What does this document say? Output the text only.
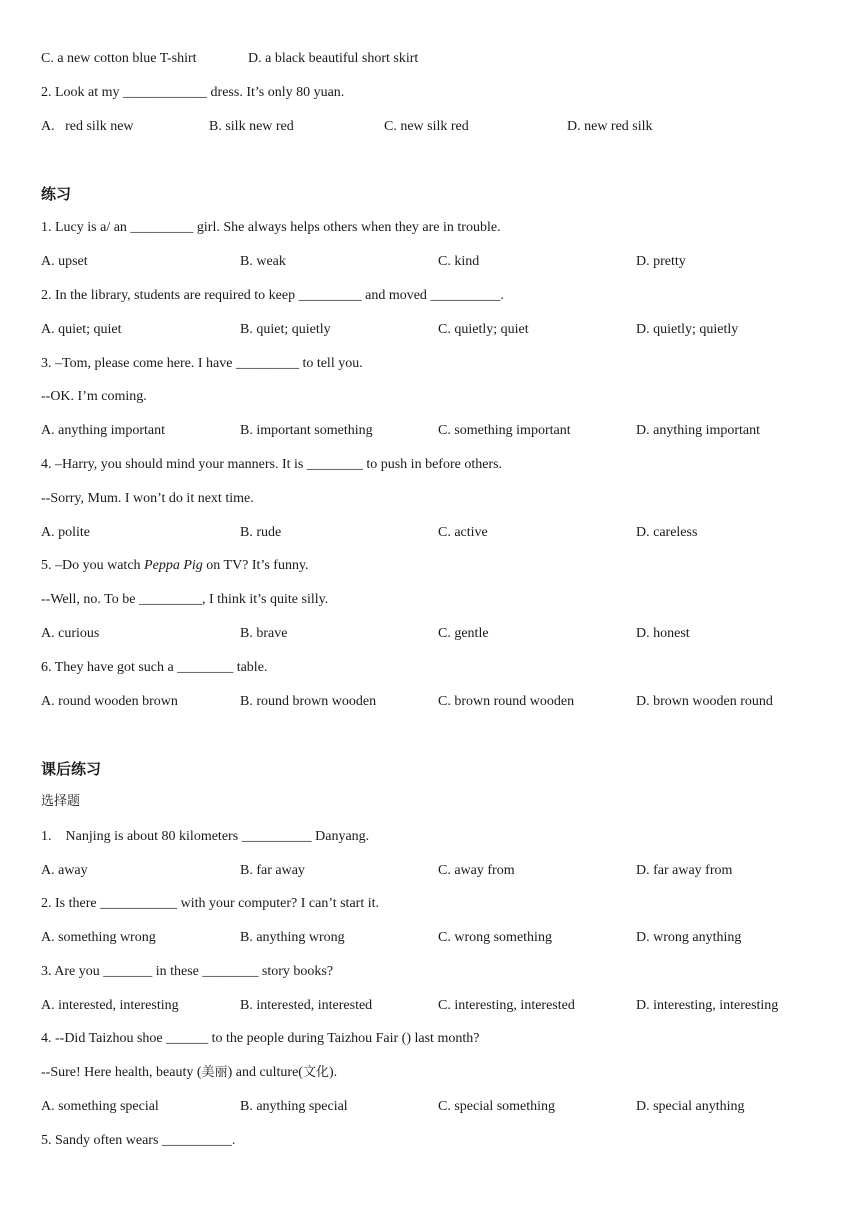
C. a new cotton blue T-shirt	D. a black beautiful short skirt
2. Look at my ____________ dress. It’s only 80 yuan.
A.   red silk new	B. silk new red	C. new silk red	D. new red silk
练习
1. Lucy is a/ an _________ girl. She always helps others when they are in trouble.
A. upset	B. weak	C. kind	D. pretty
2. In the library, students are required to keep _________ and moved __________.
A. quiet; quiet	B. quiet; quietly	C. quietly; quiet	D. quietly; quietly
3. –Tom, please come here. I have _________ to tell you.
--OK. I’m coming.
A. anything important	B. important something	C. something important	D. anything important
4. –Harry, you should mind your manners. It is ________ to push in before others.
--Sorry, Mum. I won’t do it next time.
A. polite	B. rude	C. active	D. careless
5. –Do you watch Peppa Pig on TV? It’s funny.
--Well, no. To be _________, I think it’s quite silly.
A. curious	B. brave	C. gentle	D. honest
6. They have got such a ________ table.
A. round wooden brown	B. round brown wooden	C. brown round wooden	D. brown wooden round
课后练习
选择题
1.    Nanjing is about 80 kilometers __________ Danyang.
A. away	B. far away	C. away from	D. far away from
2. Is there ___________ with your computer? I can’t start it.
A. something wrong	B. anything wrong	C. wrong something	D. wrong anything
3. Are you _______ in these ________ story books?
A. interested, interesting	B. interested, interested	C. interesting, interested	D. interesting, interesting
4. --Did Taizhou shoe ______ to the people during Taizhou Fair () last month?
--Sure! Here health, beauty (美丽) and culture(文化).
A. something special	B. anything special	C. special something	D. special anything
5. Sandy often wears __________.
